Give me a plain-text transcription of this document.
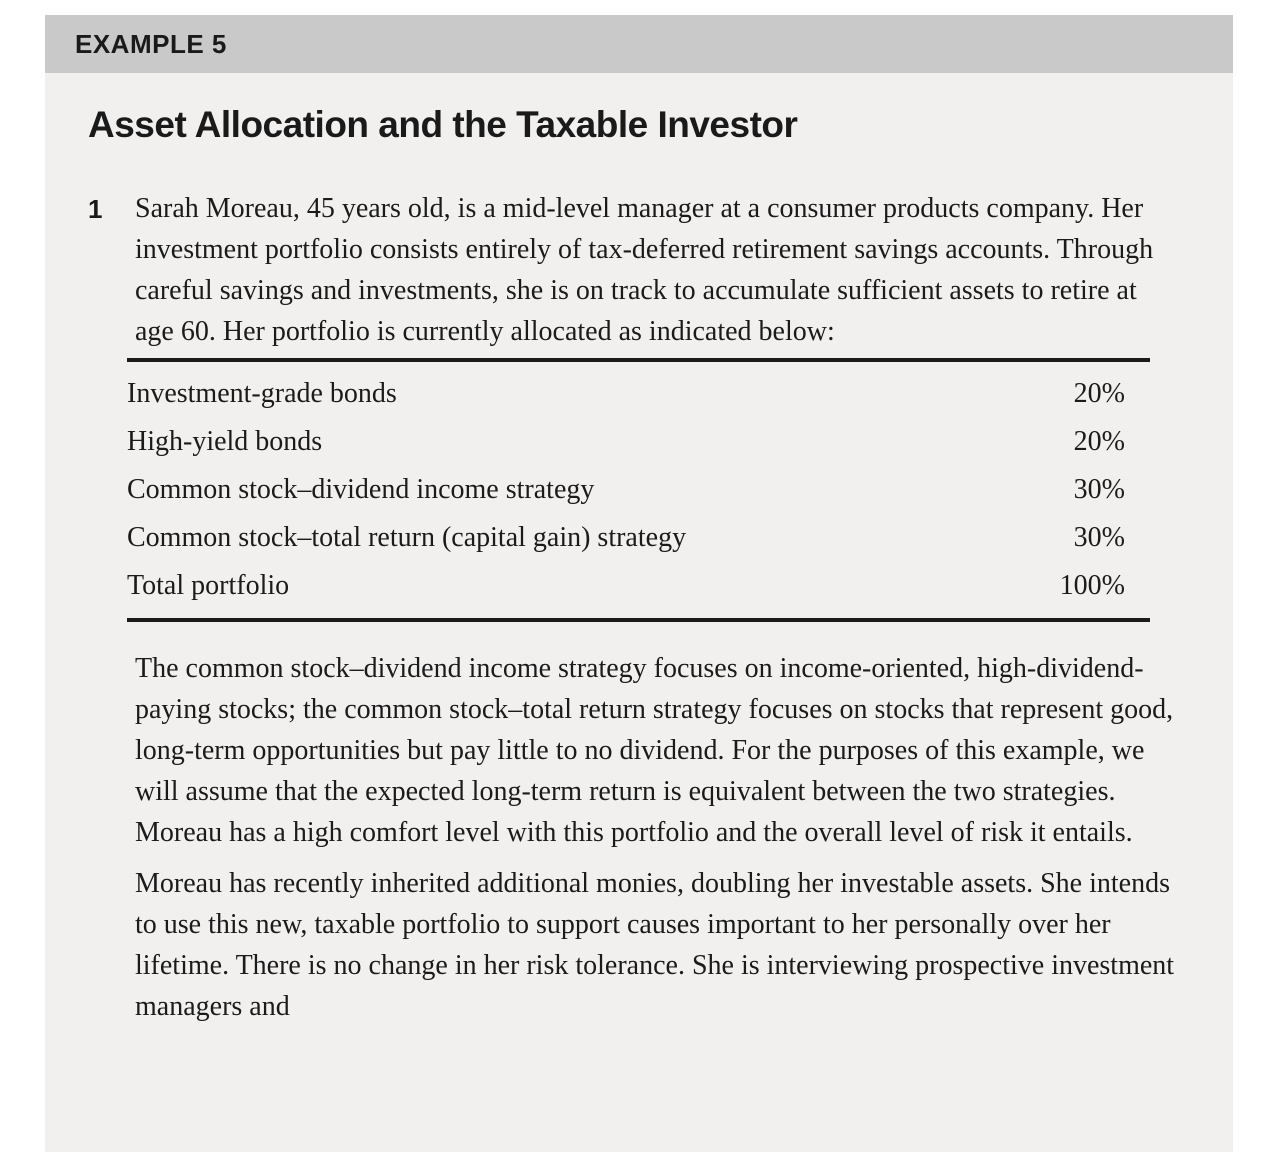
EXAMPLE 5
Asset Allocation and the Taxable Investor
1	Sarah Moreau, 45 years old, is a mid-level manager at a consumer products company. Her investment portfolio consists entirely of tax-deferred retirement savings accounts. Through careful savings and investments, she is on track to accumulate sufficient assets to retire at age 60. Her portfolio is currently allocated as indicated below:
Investment-grade bonds	20%
High-yield bonds	20%
Common stock–dividend income strategy	30%
Common stock–total return (capital gain) strategy	30%
Total portfolio	100%
The common stock–dividend income strategy focuses on income-oriented, high-dividend-paying stocks; the common stock–total return strategy focuses on stocks that represent good, long-term opportunities but pay little to no dividend. For the purposes of this example, we will assume that the expected long-term return is equivalent between the two strategies. Moreau has a high comfort level with this portfolio and the overall level of risk it entails.
Moreau has recently inherited additional monies, doubling her investable assets. She intends to use this new, taxable portfolio to support causes important to her personally over her lifetime. There is no change in her risk tolerance. She is interviewing prospective investment managers and
